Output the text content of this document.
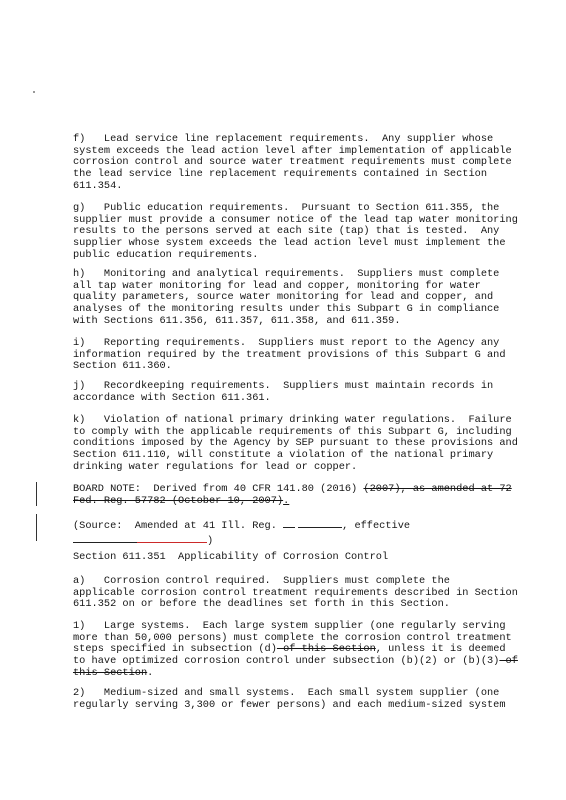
f)   Lead service line replacement requirements.  Any supplier whose

system exceeds the lead action level after implementation of applicable

corrosion control and source water treatment requirements must complete

the lead service line replacement requirements contained in Section

611.354.

g)   Public education requirements.  Pursuant to Section 611.355, the

supplier must provide a consumer notice of the lead tap water monitoring

results to the persons served at each site (tap) that is tested.  Any

supplier whose system exceeds the lead action level must implement the

public education requirements.

h)   Monitoring and analytical requirements.  Suppliers must complete

all tap water monitoring for lead and copper, monitoring for water

quality parameters, source water monitoring for lead and copper, and

analyses of the monitoring results under this Subpart G in compliance

with Sections 611.356, 611.357, 611.358, and 611.359.

i)   Reporting requirements.  Suppliers must report to the Agency any

information required by the treatment provisions of this Subpart G and

Section 611.360.

j)   Recordkeeping requirements.  Suppliers must maintain records in

accordance with Section 611.361.

k)   Violation of national primary drinking water regulations.  Failure

to comply with the applicable requirements of this Subpart G, including

conditions imposed by the Agency by SEP pursuant to these provisions and

Section 611.110, will constitute a violation of the national primary

drinking water regulations for lead or copper.

BOARD NOTE:  Derived from 40 CFR 141.80 (2016) (2007), as amended at 72

Fed. Reg. 57782 (October 10, 2007).

(Source:  Amended at 41 Ill. Reg.	, effective

)

Section 611.351  Applicability of Corrosion Control

a)   Corrosion control required.  Suppliers must complete the

applicable corrosion control treatment requirements described in Section

611.352 on or before the deadlines set forth in this Section.

1)   Large systems.  Each large system supplier (one regularly serving

more than 50,000 persons) must complete the corrosion control treatment

steps specified in subsection (d) of this Section, unless it is deemed

to have optimized corrosion control under subsection (b)(2) or (b)(3) of

this Section.

2)   Medium-sized and small systems.  Each small system supplier (one

regularly serving 3,300 or fewer persons) and each medium-sized system
